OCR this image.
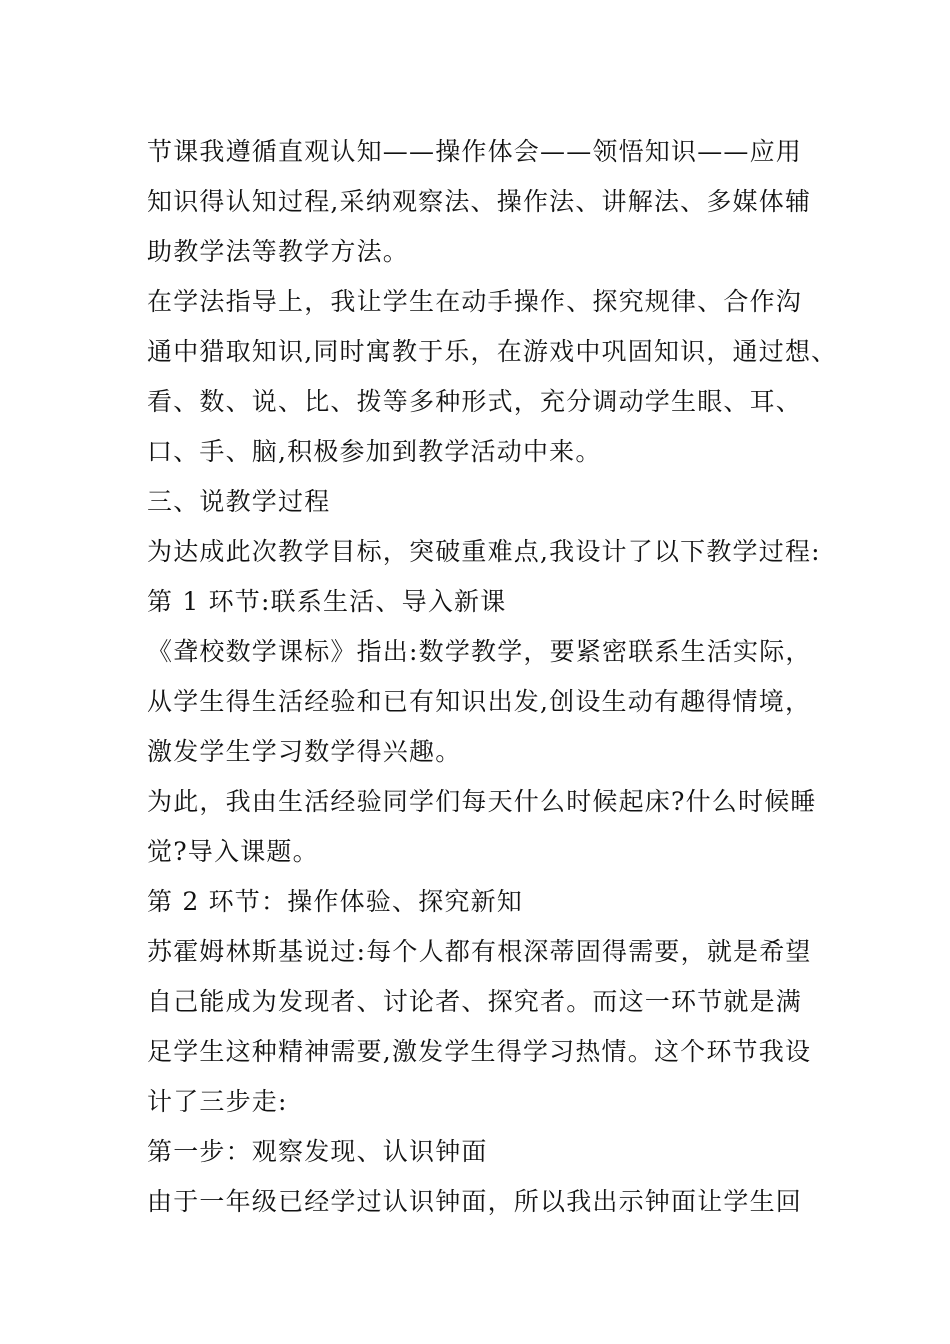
节课我遵循直观认知——操作体会——领悟知识——应用
知识得认知过程,采纳观察法、操作法、讲解法、多媒体辅
助教学法等教学方法。
在学法指导上，我让学生在动手操作、探究规律、合作沟
通中猎取知识,同时寓教于乐，在游戏中巩固知识，通过想、
看、数、说、比、拨等多种形式，充分调动学生眼、耳、
口、手、脑,积极参加到教学活动中来。
三、说教学过程
为达成此次教学目标，突破重难点,我设计了以下教学过程:
第 1 环节:联系生活、导入新课
《聋校数学课标》指出:数学教学，要紧密联系生活实际，
从学生得生活经验和已有知识出发,创设生动有趣得情境，
激发学生学习数学得兴趣。
为此，我由生活经验同学们每天什么时候起床?什么时候睡
觉?导入课题。
第 2 环节：操作体验、探究新知
苏霍姆林斯基说过:每个人都有根深蒂固得需要，就是希望
自己能成为发现者、讨论者、探究者。而这一环节就是满
足学生这种精神需要,激发学生得学习热情。这个环节我设
计了三步走:
第一步：观察发现、认识钟面
由于一年级已经学过认识钟面，所以我出示钟面让学生回
